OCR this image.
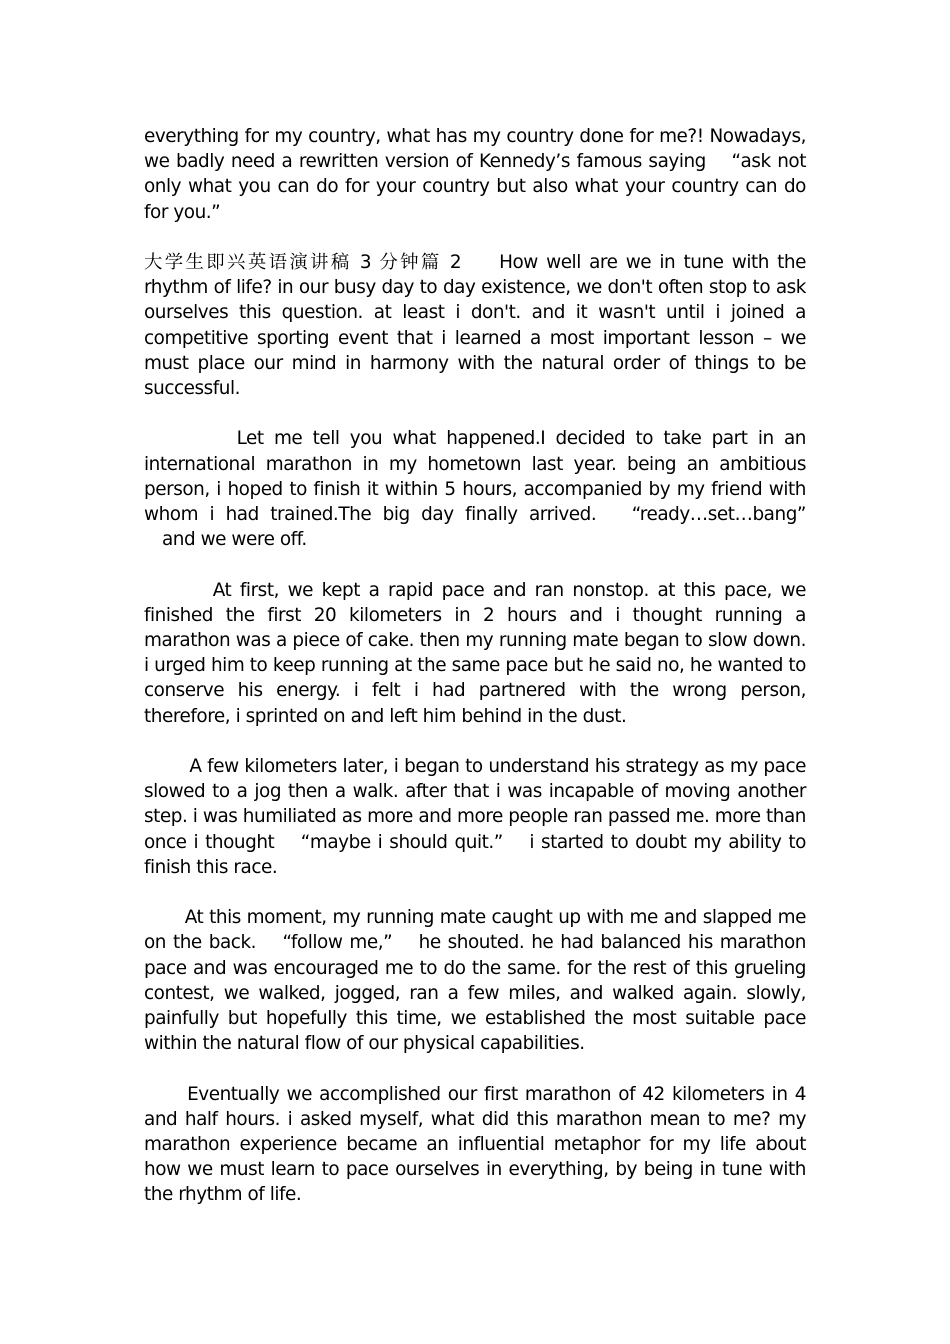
everything for my country, what has my country done for me?! Nowadays, we badly need a rewritten version of Kennedy’s famous saying 　“ask not only what you can do for your country but also what your country can do for you.”

大学生即兴英语演讲稿 3 分钟篇 2 How well are we in tune with the rhythm of life? in our busy day to day existence, we don't often stop to ask ourselves this question. at least i don't. and it wasn't until i joined a competitive sporting event that i learned a most important lesson – we must place our mind in harmony with the natural order of things to be successful.

Let me tell you what happened.I decided to take part in an international marathon in my hometown last year. being an ambitious person, i hoped to finish it within 5 hours, accompanied by my friend with whom i had trained.The big day finally arrived. 　“ready…set…bang” 　and we were off.

At first, we kept a rapid pace and ran nonstop. at this pace, we finished the first 20 kilometers in 2 hours and i thought running a marathon was a piece of cake. then my running mate began to slow down. i urged him to keep running at the same pace but he said no, he wanted to conserve his energy. i felt i had partnered with the wrong person, therefore, i sprinted on and left him behind in the dust.

A few kilometers later, i began to understand his strategy as my pace slowed to a jog then a walk. after that i was incapable of moving another step. i was humiliated as more and more people ran passed me. more than once i thought 　“maybe i should quit.” 　i started to doubt my ability to finish this race.

At this moment, my running mate caught up with me and slapped me on the back. 　“follow me,” 　he shouted. he had balanced his marathon pace and was encouraged me to do the same. for the rest of this grueling contest, we walked, jogged, ran a few miles, and walked again. slowly, painfully but hopefully this time, we established the most suitable pace within the natural flow of our physical capabilities.

Eventually we accomplished our first marathon of 42 kilometers in 4 and half hours. i asked myself, what did this marathon mean to me? my marathon experience became an influential metaphor for my life about how we must learn to pace ourselves in everything, by being in tune with the rhythm of life.
